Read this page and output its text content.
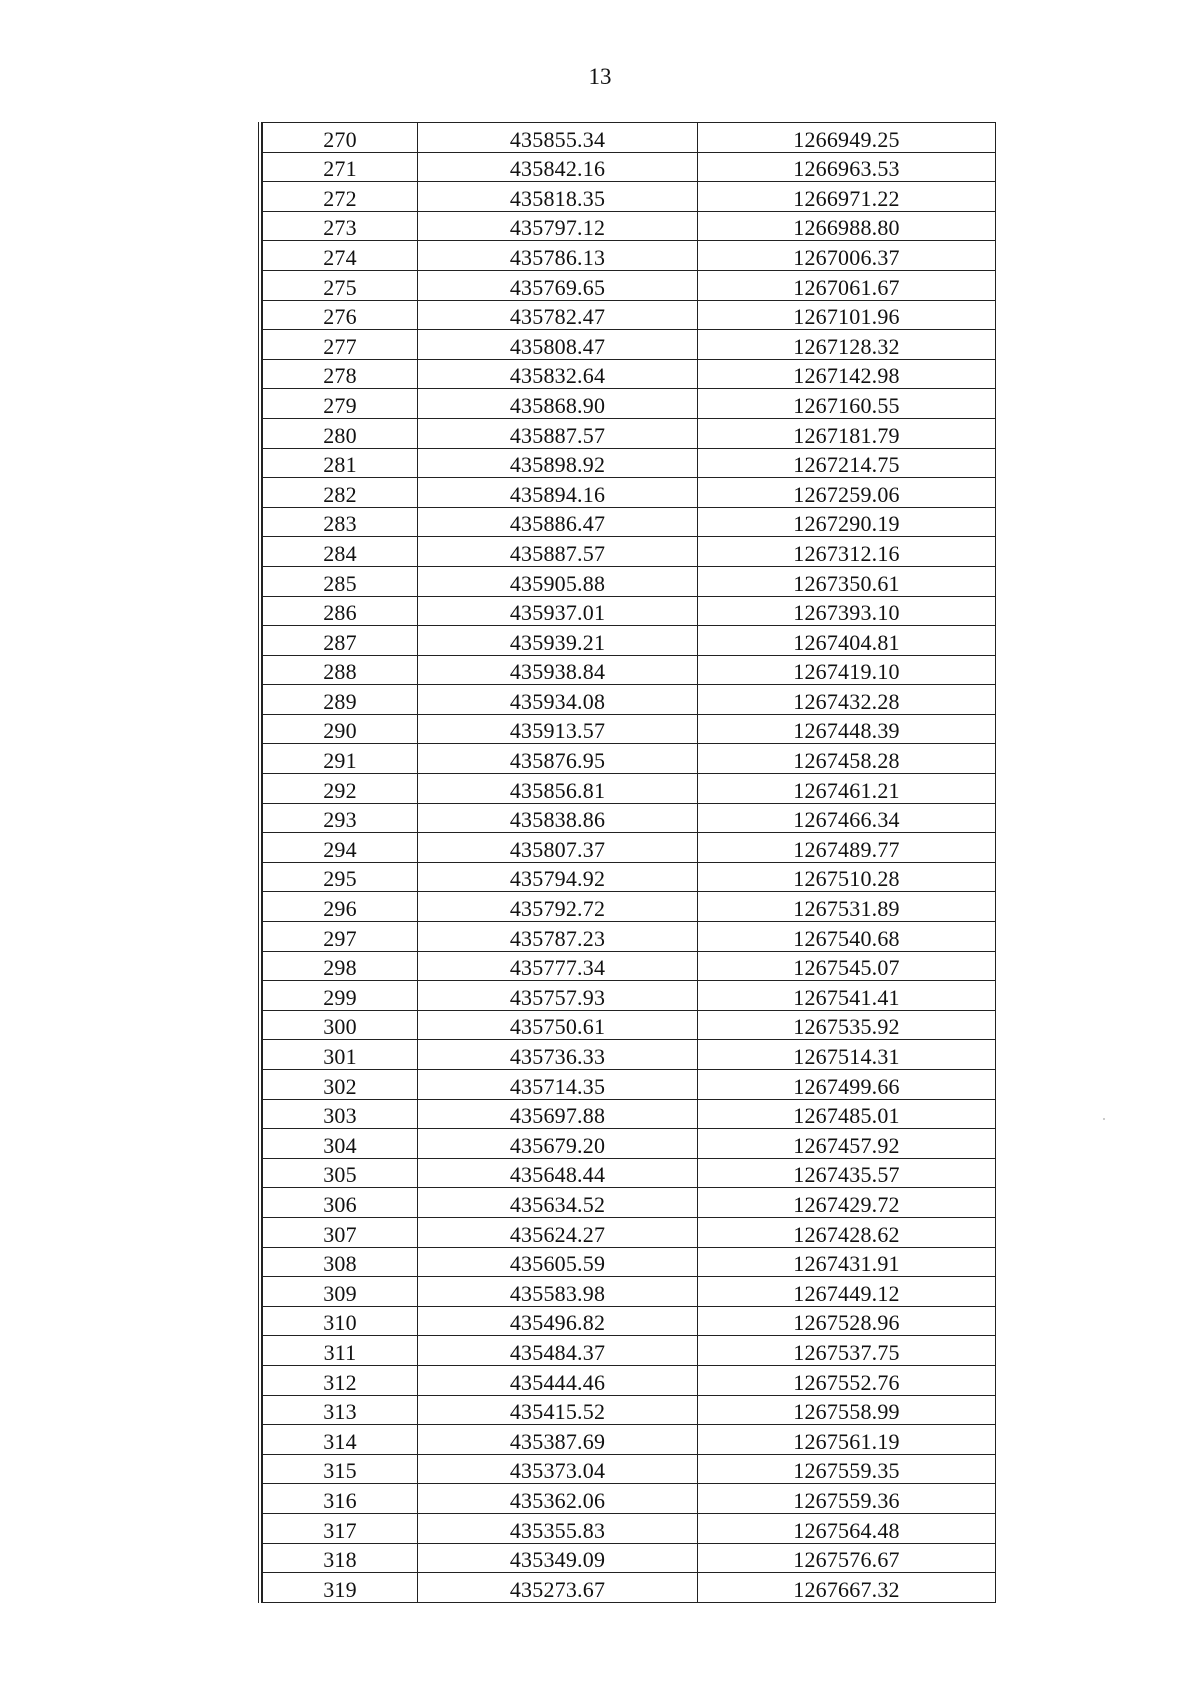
13
270	435855.34	1266949.25
271	435842.16	1266963.53
272	435818.35	1266971.22
273	435797.12	1266988.80
274	435786.13	1267006.37
275	435769.65	1267061.67
276	435782.47	1267101.96
277	435808.47	1267128.32
278	435832.64	1267142.98
279	435868.90	1267160.55
280	435887.57	1267181.79
281	435898.92	1267214.75
282	435894.16	1267259.06
283	435886.47	1267290.19
284	435887.57	1267312.16
285	435905.88	1267350.61
286	435937.01	1267393.10
287	435939.21	1267404.81
288	435938.84	1267419.10
289	435934.08	1267432.28
290	435913.57	1267448.39
291	435876.95	1267458.28
292	435856.81	1267461.21
293	435838.86	1267466.34
294	435807.37	1267489.77
295	435794.92	1267510.28
296	435792.72	1267531.89
297	435787.23	1267540.68
298	435777.34	1267545.07
299	435757.93	1267541.41
300	435750.61	1267535.92
301	435736.33	1267514.31
302	435714.35	1267499.66
303	435697.88	1267485.01
304	435679.20	1267457.92
305	435648.44	1267435.57
306	435634.52	1267429.72
307	435624.27	1267428.62
308	435605.59	1267431.91
309	435583.98	1267449.12
310	435496.82	1267528.96
311	435484.37	1267537.75
312	435444.46	1267552.76
313	435415.52	1267558.99
314	435387.69	1267561.19
315	435373.04	1267559.35
316	435362.06	1267559.36
317	435355.83	1267564.48
318	435349.09	1267576.67
319	435273.67	1267667.32
